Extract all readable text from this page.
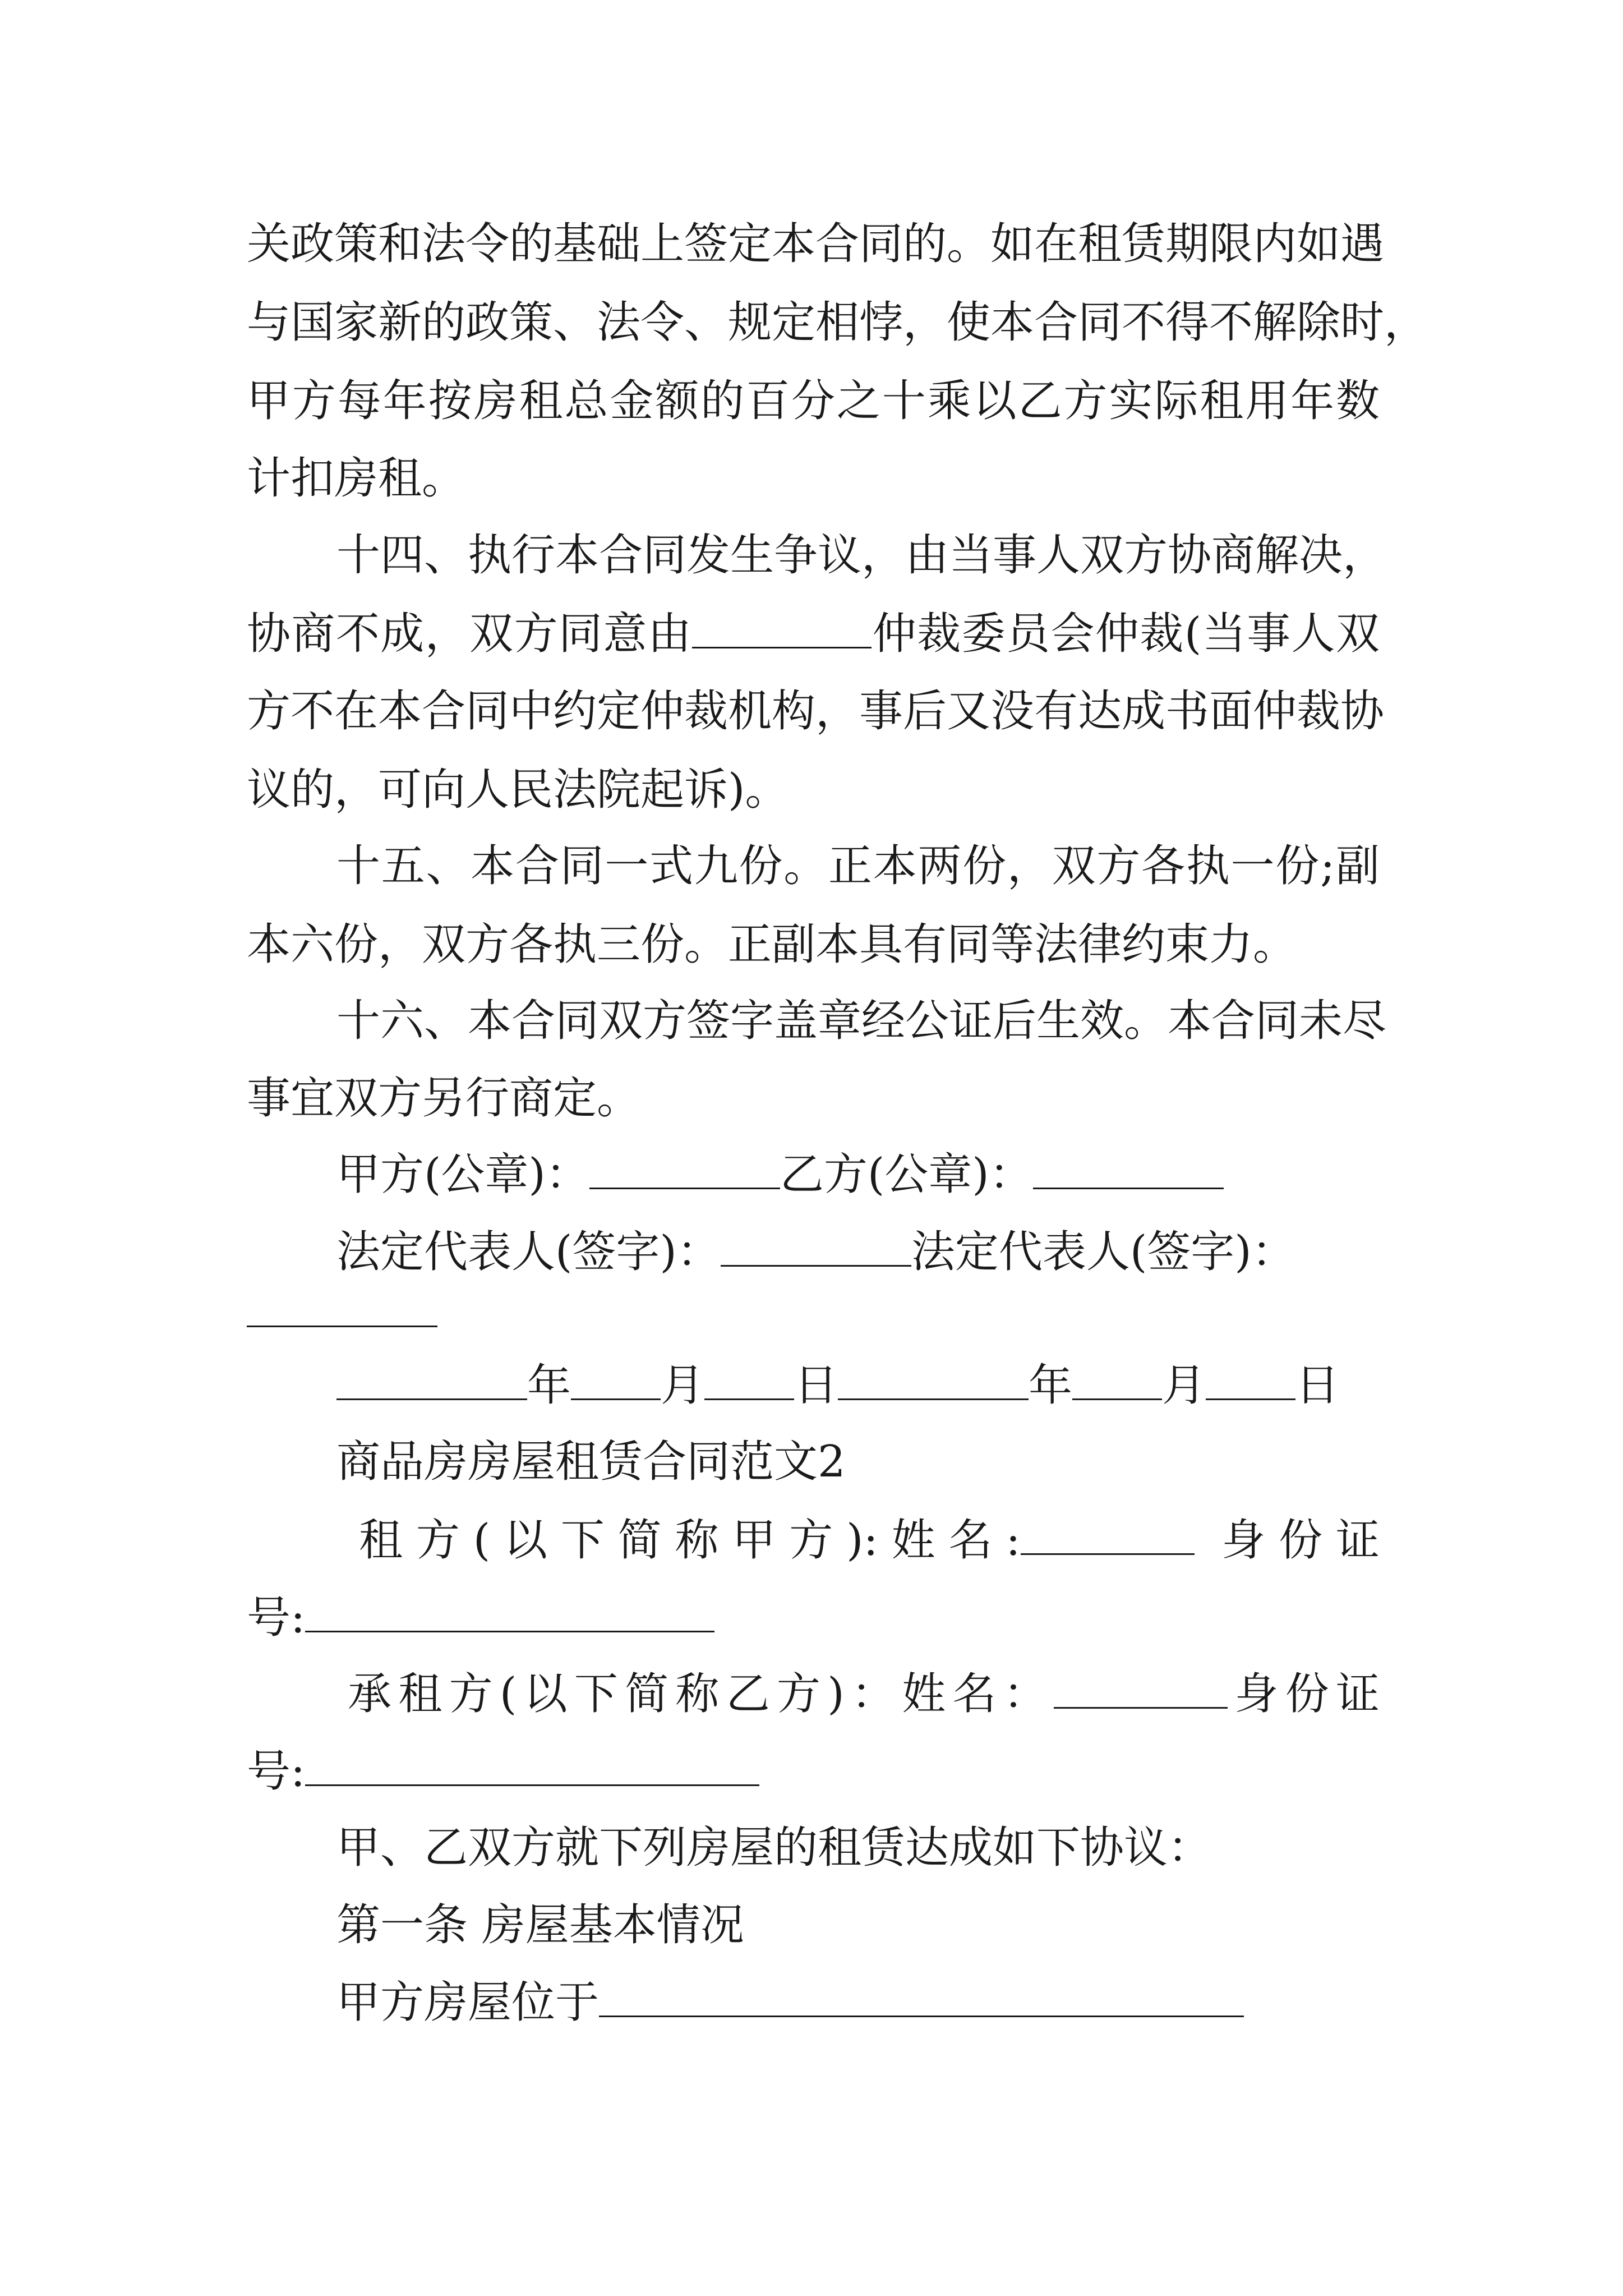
关政策和法令的基础上签定本合同的。如在租赁期限内如遇
与国家新的政策、法令、规定相悖，使本合同不得不解除时，
甲方每年按房租总金额的百分之十乘以乙方实际租用年数
计扣房租。
十四、执行本合同发生争议，由当事人双方协商解决，
协商不成，双方同意由	仲裁委员会仲裁(当事人双
方不在本合同中约定仲裁机构，事后又没有达成书面仲裁协
议的，可向人民法院起诉)。
十五、本合同一式九份。正本两份，双方各执一份;副
本六份，双方各执三份。正副本具有同等法律约束力。
十六、本合同双方签字盖章经公证后生效。本合同未尽
事宜双方另行商定。
甲方(公章)：	乙方(公章)：
法定代表人(签字)：	法定代表人(签字)：
年 月 日	年 月 日
商品房房屋租赁合同范文2
租方(以下简称甲方):姓名:	身份证
号:
承租方(以下简称乙方)：姓名：	身份证
号:
甲、乙双方就下列房屋的租赁达成如下协议：
第一条 房屋基本情况
甲方房屋位于
